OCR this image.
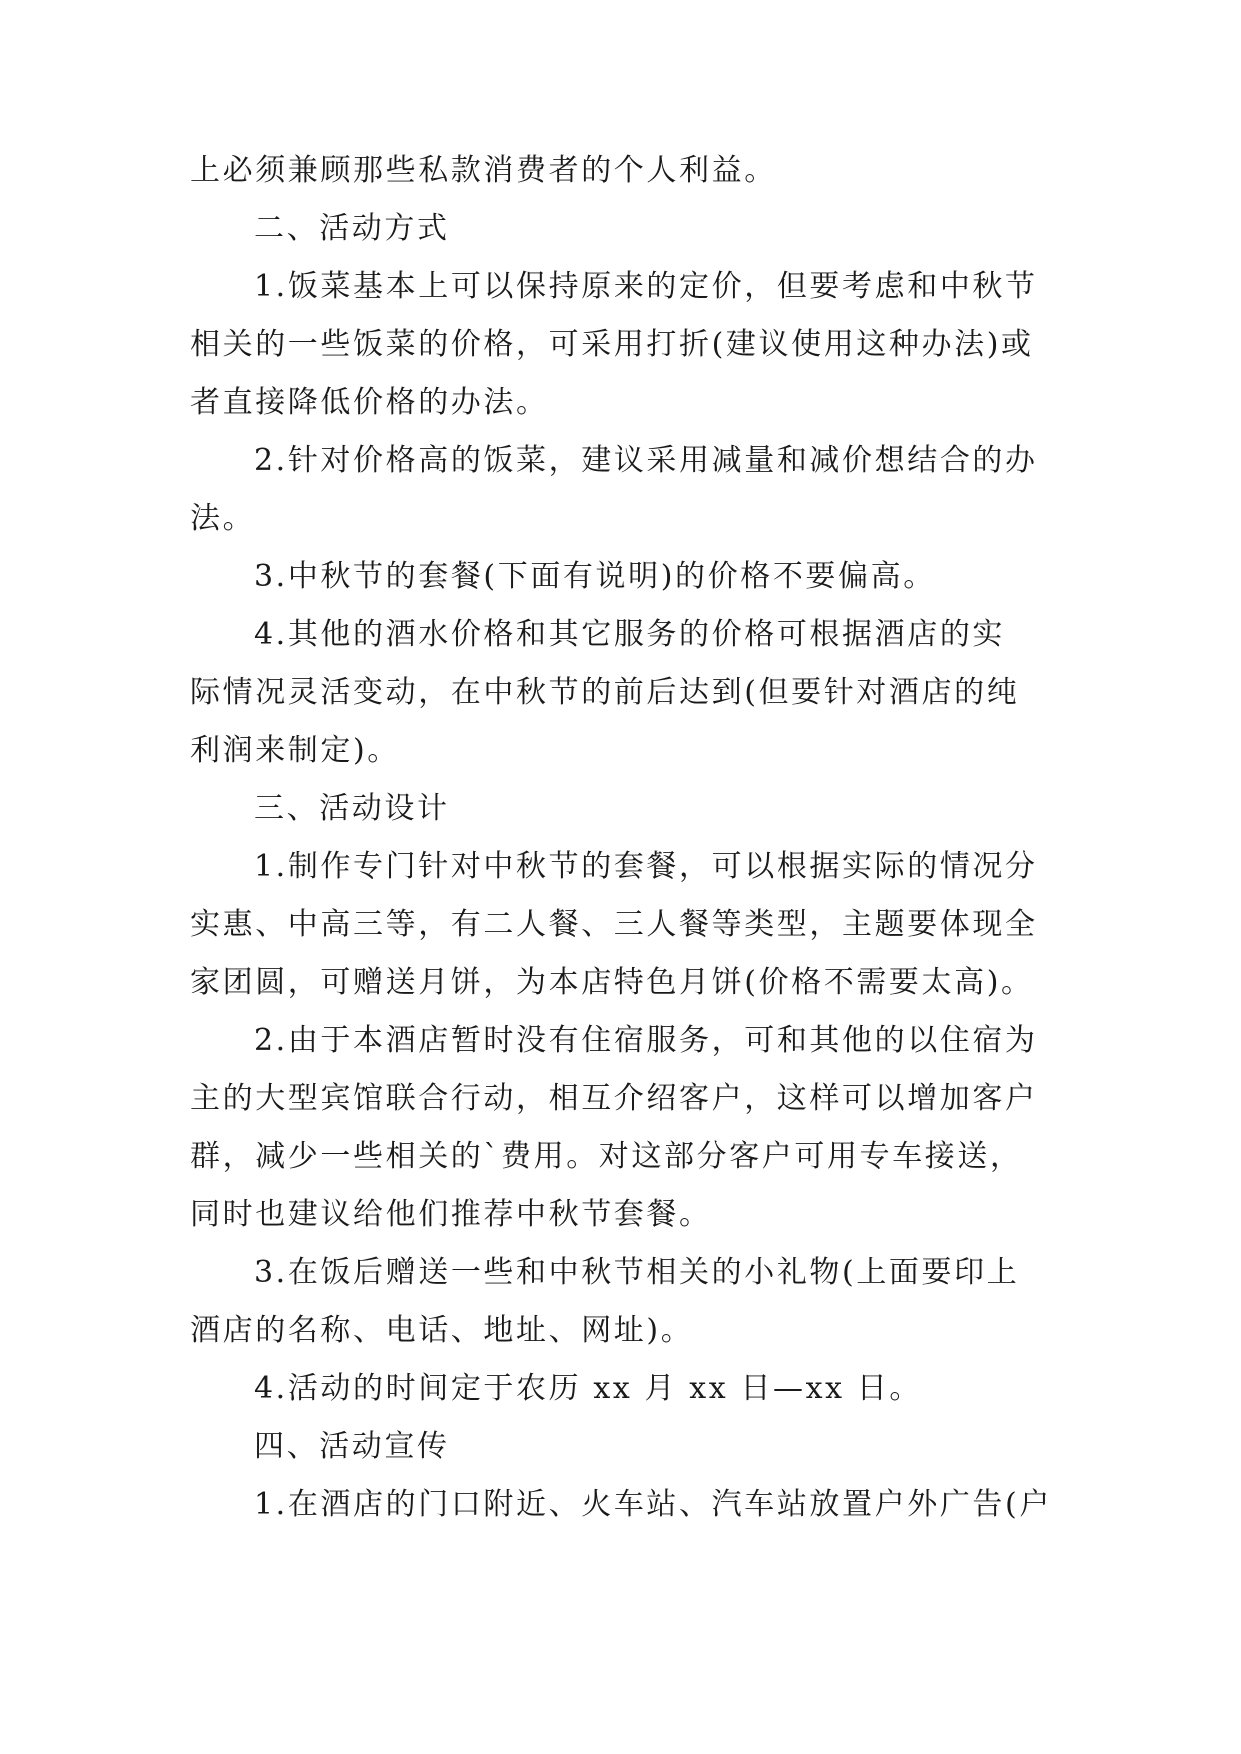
上必须兼顾那些私款消费者的个人利益。
二、活动方式
1.饭菜基本上可以保持原来的定价，但要考虑和中秋节
相关的一些饭菜的价格，可采用打折(建议使用这种办法)或
者直接降低价格的办法。
2.针对价格高的饭菜，建议采用减量和减价想结合的办
法。
3.中秋节的套餐(下面有说明)的价格不要偏高。
4.其他的酒水价格和其它服务的价格可根据酒店的实
际情况灵活变动，在中秋节的前后达到(但要针对酒店的纯
利润来制定)。
三、活动设计
1.制作专门针对中秋节的套餐，可以根据实际的情况分
实惠、中高三等，有二人餐、三人餐等类型，主题要体现全
家团圆，可赠送月饼，为本店特色月饼(价格不需要太高)。
2.由于本酒店暂时没有住宿服务，可和其他的以住宿为
主的大型宾馆联合行动，相互介绍客户，这样可以增加客户
群，减少一些相关的`费用。对这部分客户可用专车接送，
同时也建议给他们推荐中秋节套餐。
3.在饭后赠送一些和中秋节相关的小礼物(上面要印上
酒店的名称、电话、地址、网址)。
4.活动的时间定于农历 xx 月 xx 日—xx 日。
四、活动宣传
1.在酒店的门口附近、火车站、汽车站放置户外广告(户
